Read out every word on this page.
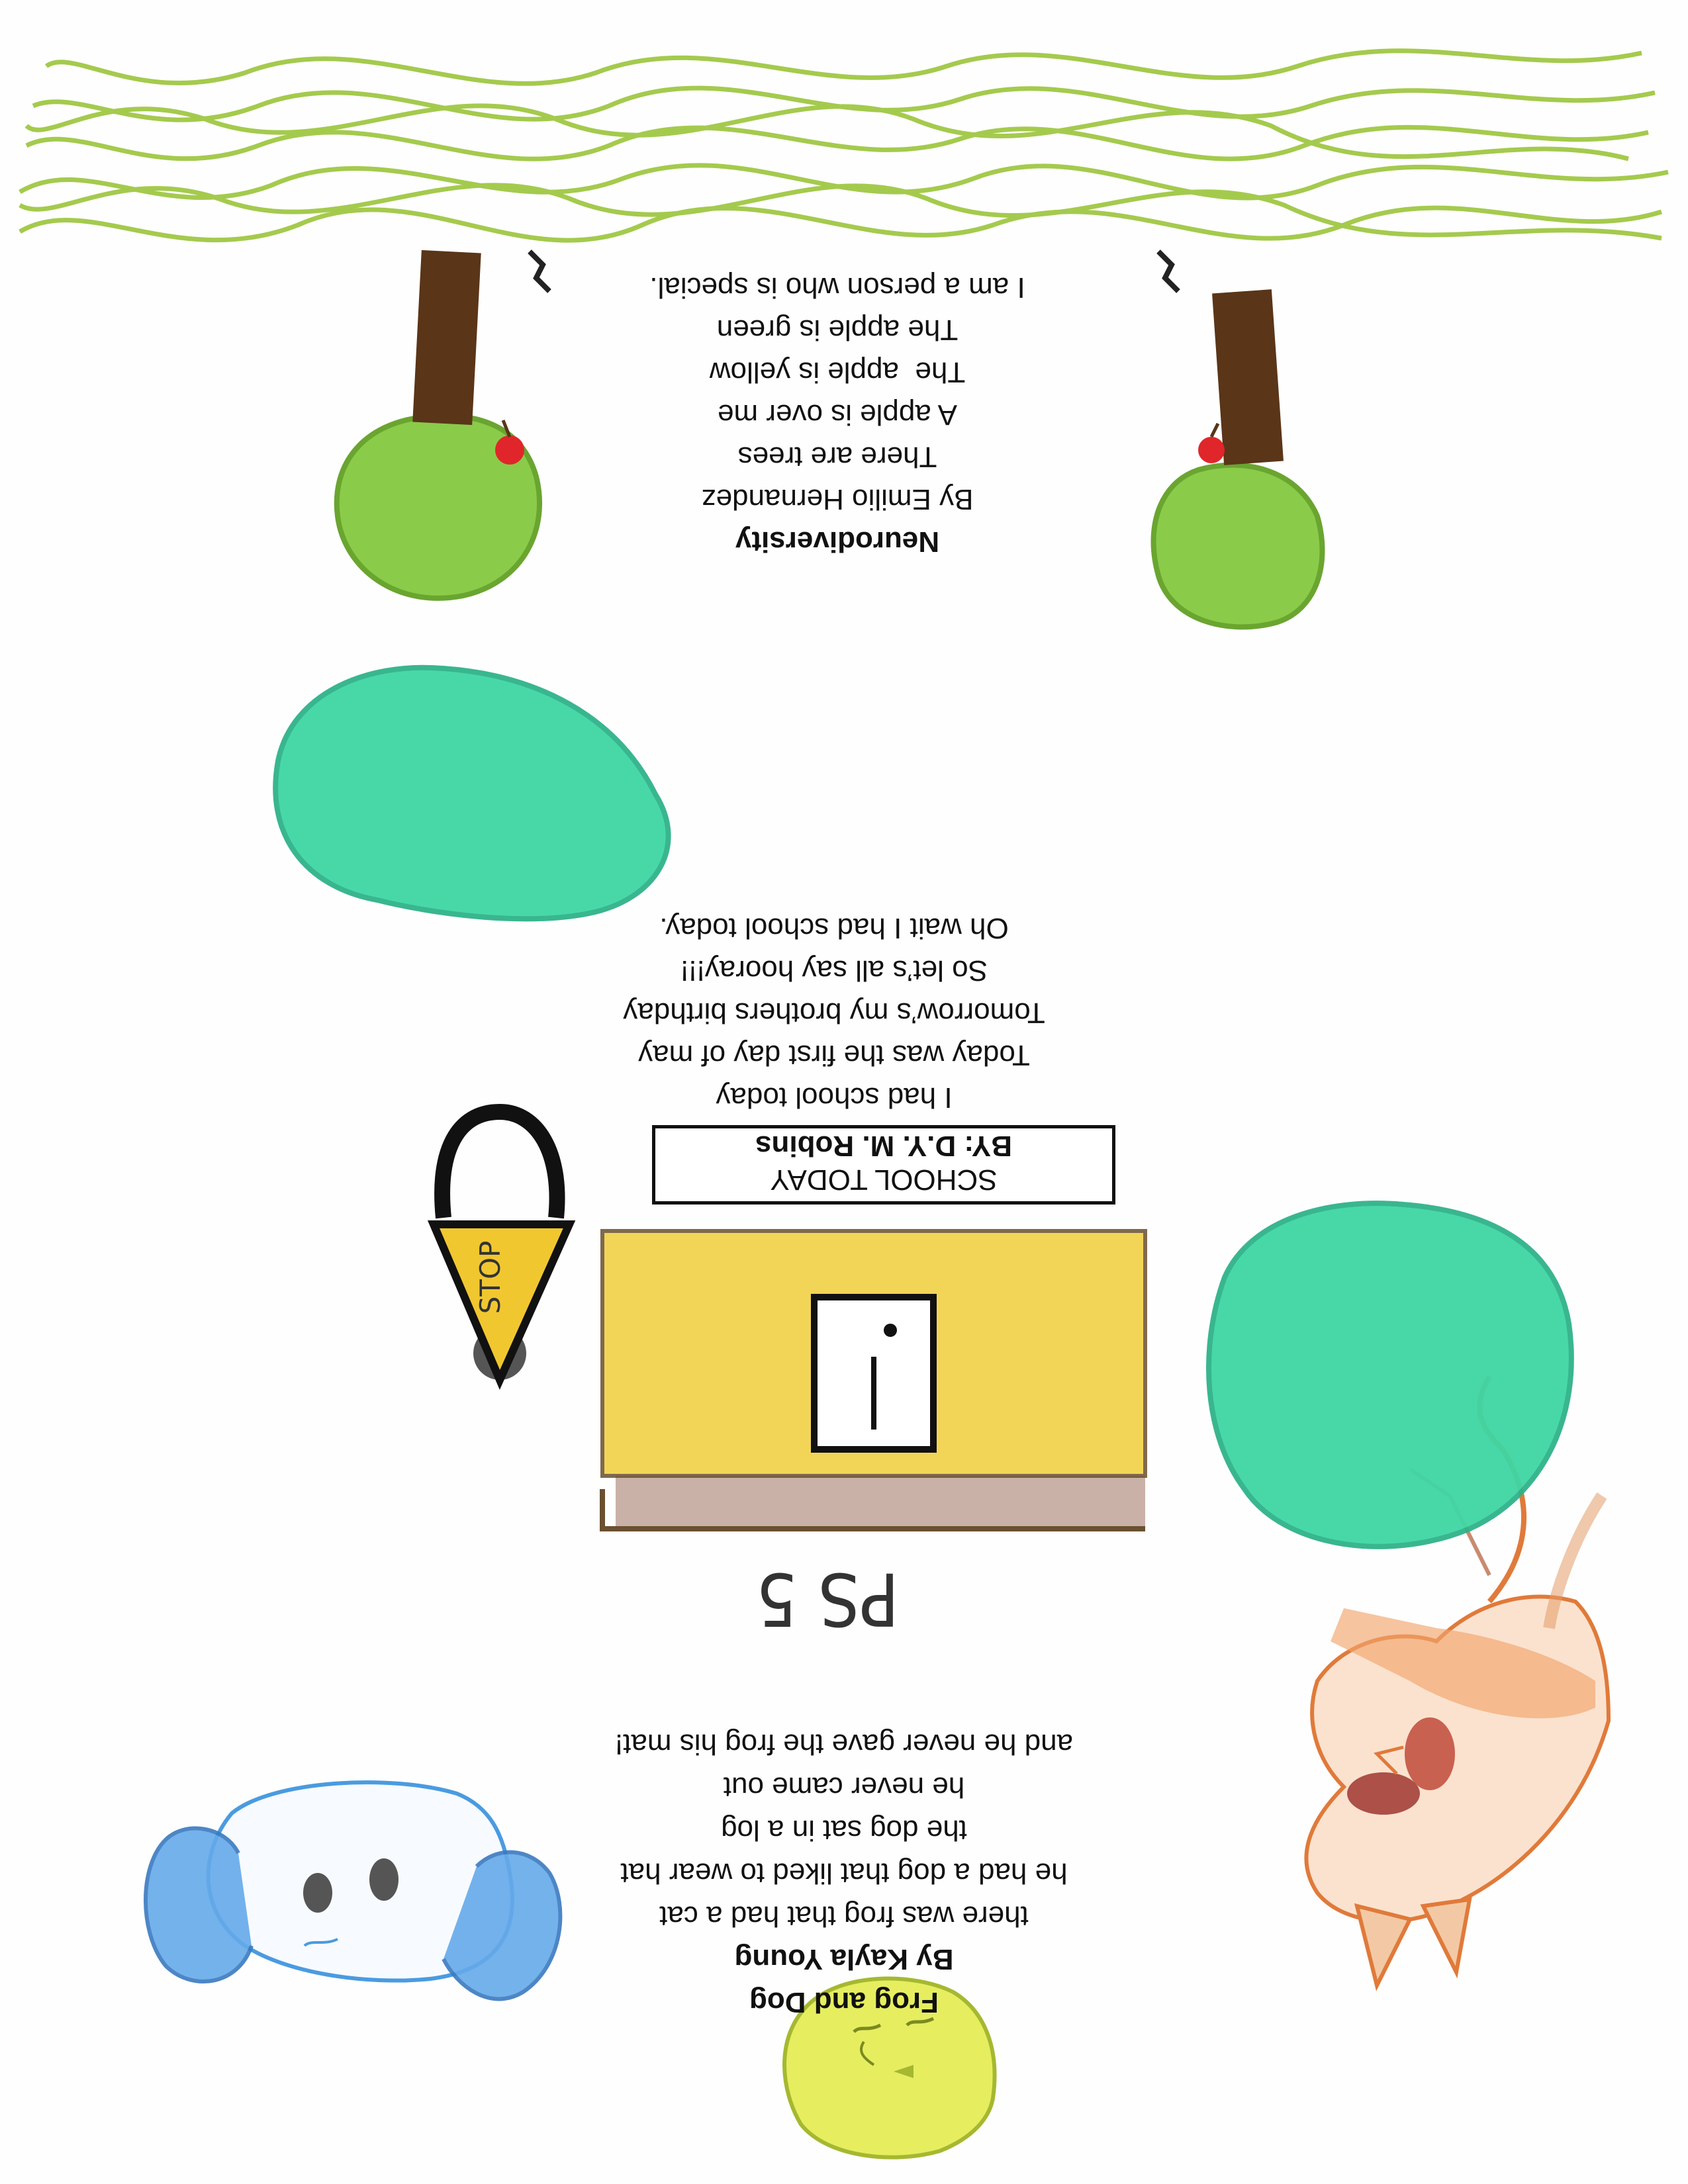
STOP
Frog and Dog
By Kayla Young
there was frog that had a cat
he had a dog that liked to wear hat
the dog sat in a log
he never came out
and he never gave the frog his mat!
PS 5
SCHOOL TODAY
BY: D.Y. M. Robins
I had school today
Today was the first day of may
Tomorrow’s my brothers birthday
So let’s all say hooray!!!
Oh wait I had school today.
Neurodiversity
By Emilio Hernandez
There are trees
A apple is over me
The  apple is yellow
The apple is green
I am a person who is special.
